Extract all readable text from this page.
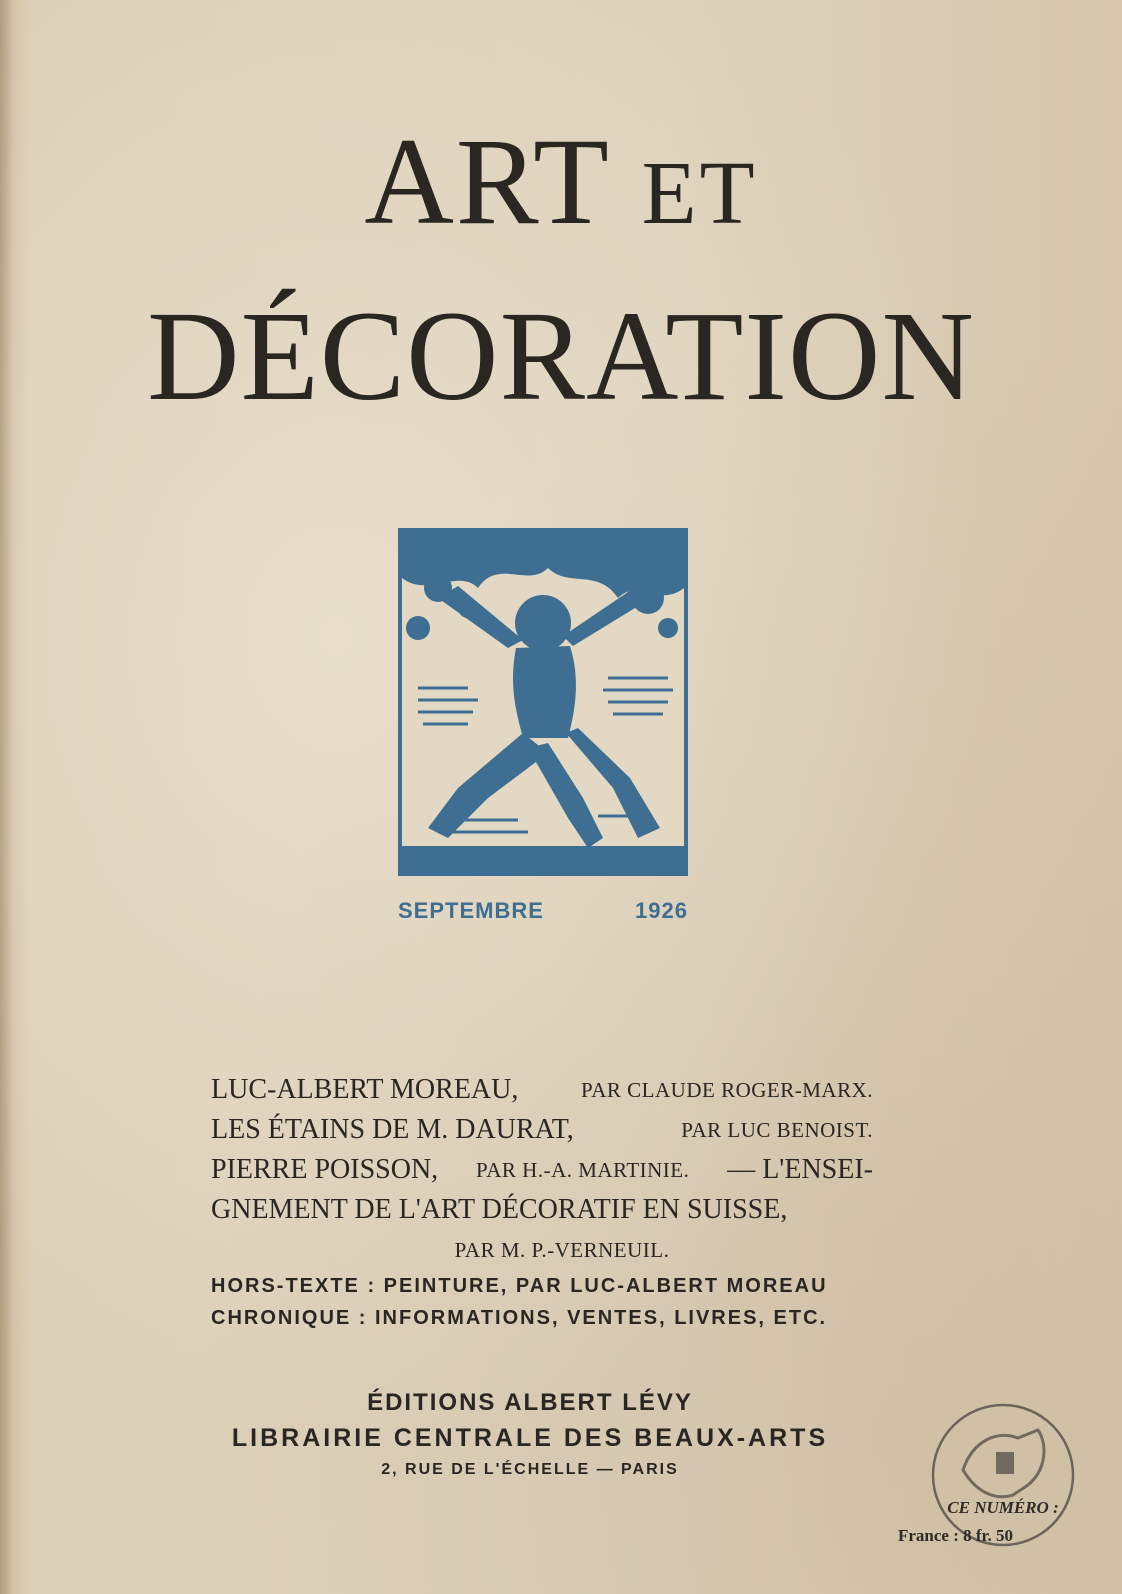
ART ET
DÉCORATION
SEPTEMBRE	1926
LUC-ALBERT MOREAU,	PAR CLAUDE ROGER-MARX.
LES ÉTAINS DE M. DAURAT,	PAR LUC BENOIST.
PIERRE POISSON, PAR H.-A. MARTINIE. — L'ENSEI-
GNEMENT DE L'ART DÉCORATIF EN SUISSE,
PAR M. P.-VERNEUIL.
HORS-TEXTE : PEINTURE, PAR LUC-ALBERT MOREAU
CHRONIQUE : INFORMATIONS, VENTES, LIVRES, ETC.
ÉDITIONS ALBERT LÉVY
LIBRAIRIE CENTRALE DES BEAUX-ARTS
2, RUE DE L'ÉCHELLE — PARIS
CE NUMÉRO :
France : 8 fr. 50
